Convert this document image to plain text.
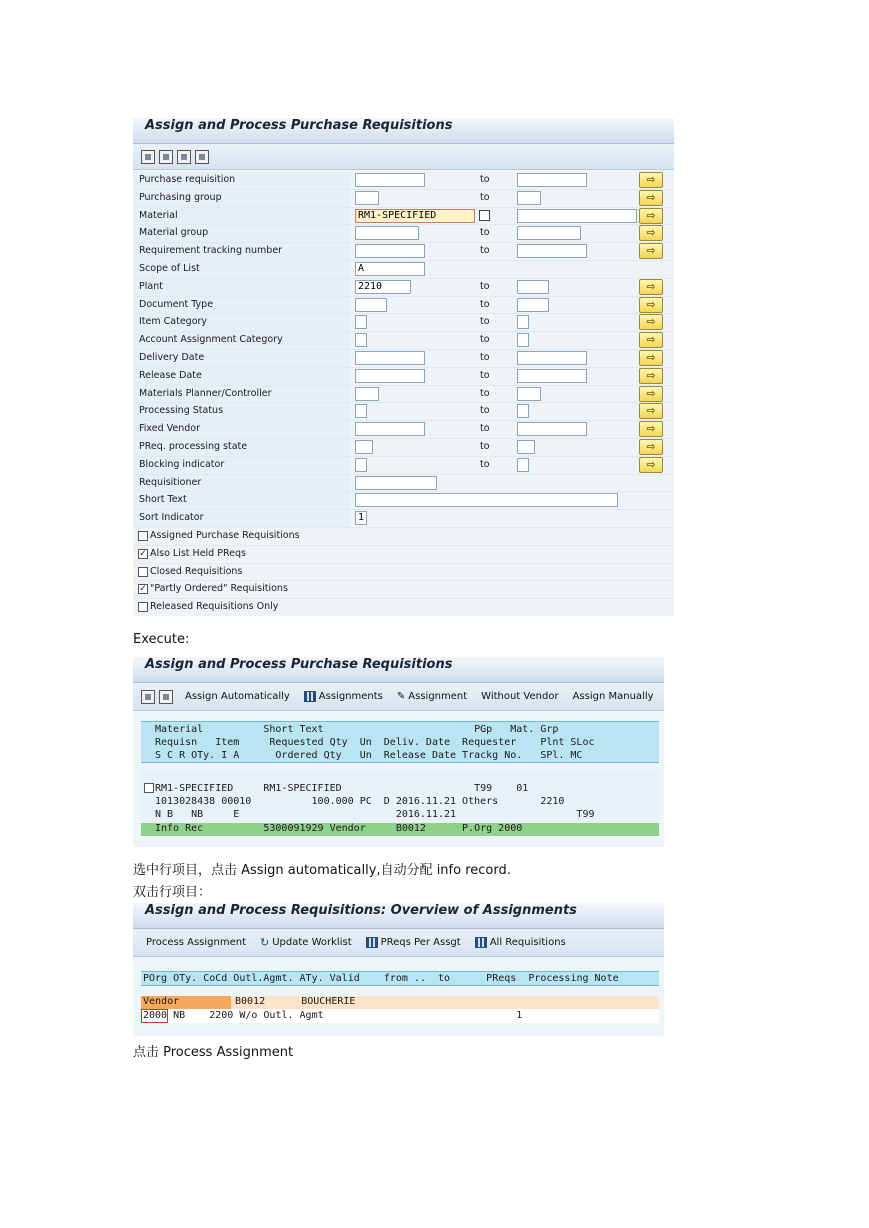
Assign and Process Purchase Requisitions
Purchase requisition	to	⇨
Purchasing group	to	⇨
Material	RM1-SPECIFIED	⇨
Material group	to	⇨
Requirement tracking number	to	⇨
Scope of List	A
Plant	2210	to	⇨
Document Type	to	⇨
Item Category	to	⇨
Account Assignment Category	to	⇨
Delivery Date	to	⇨
Release Date	to	⇨
Materials Planner/Controller	to	⇨
Processing Status	to	⇨
Fixed Vendor	to	⇨
PReq. processing state	to	⇨
Blocking indicator	to	⇨
Requisitioner
Short Text
Sort Indicator	1
Assigned Purchase Requisitions
✓ Also List Held PReqs
Closed Requisitions
✓ "Partly Ordered" Requisitions
Released Requisitions Only
Execute:
Assign and Process Purchase Requisitions
Assign Automatically	Assignments ✎ Assignment Without Vendor Assign Manually
Material          Short Text                         PGp   Mat. Grp
Requisn   Item     Requested Qty  Un  Deliv. Date  Requester    Plnt SLoc
S C R OTy. I A      Ordered Qty   Un  Release Date Trackg No.   SPl. MC
RM1-SPECIFIED     RM1-SPECIFIED                      T99    01
1013028438 00010          100.000 PC  D 2016.11.21 Others       2210
N B   NB     E                          2016.11.21                    T99
Info Rec          5300091929 Vendor     B0012      P.Org 2000
选中行项目，点击 Assign automatically,自动分配 info record.
双击行项目：
Assign and Process Requisitions: Overview of Assignments
Process Assignment ↻ Update Worklist	PReqs Per Assgt	All Requisitions
POrg OTy. CoCd Outl.Agmt. ATy. Valid    from ..  to      PReqs  Processing Note
Vendor	B0012      BOUCHERIE
2000 NB    2200 W/o Outl. Agmt                                1
点击 Process Assignment
